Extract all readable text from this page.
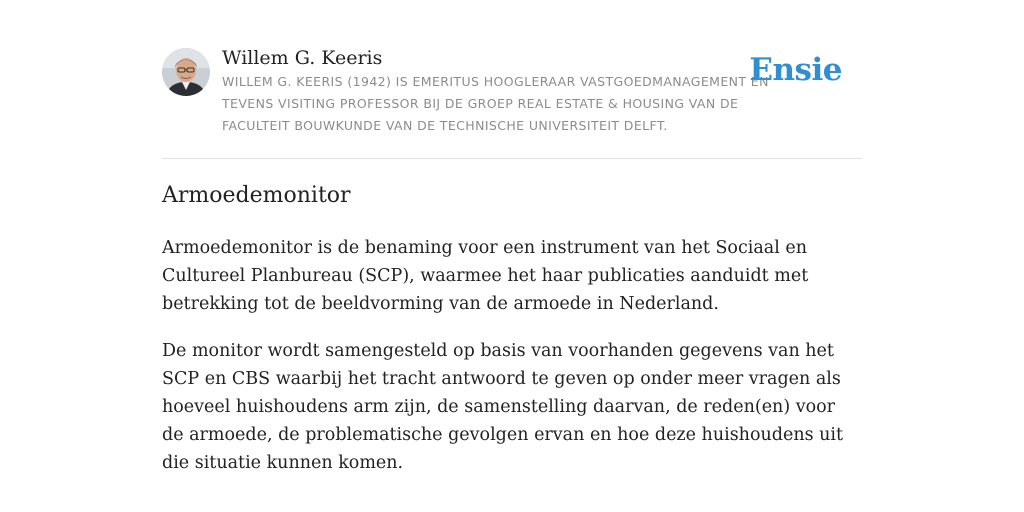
Willem G. Keeris
WILLEM G. KEERIS (1942) IS EMERITUS HOOGLERAAR VASTGOEDMANAGEMENT EN TEVENS VISITING PROFESSOR BIJ DE GROEP REAL ESTATE & HOUSING VAN DE FACULTEIT BOUWKUNDE VAN DE TECHNISCHE UNIVERSITEIT DELFT.
Ensie
Armoedemonitor

Armoedemonitor is de benaming voor een instrument van het Sociaal en Cultureel Planbureau (SCP), waarmee het haar publicaties aanduidt met betrekking tot de beeldvorming van de armoede in Nederland.

De monitor wordt samengesteld op basis van voorhanden gegevens van het SCP en CBS waarbij het tracht antwoord te geven op onder meer vragen als hoeveel huishoudens arm zijn, de samenstelling daarvan, de reden(en) voor de armoede, de problematische gevolgen ervan en hoe deze huishoudens uit die situatie kunnen komen.
